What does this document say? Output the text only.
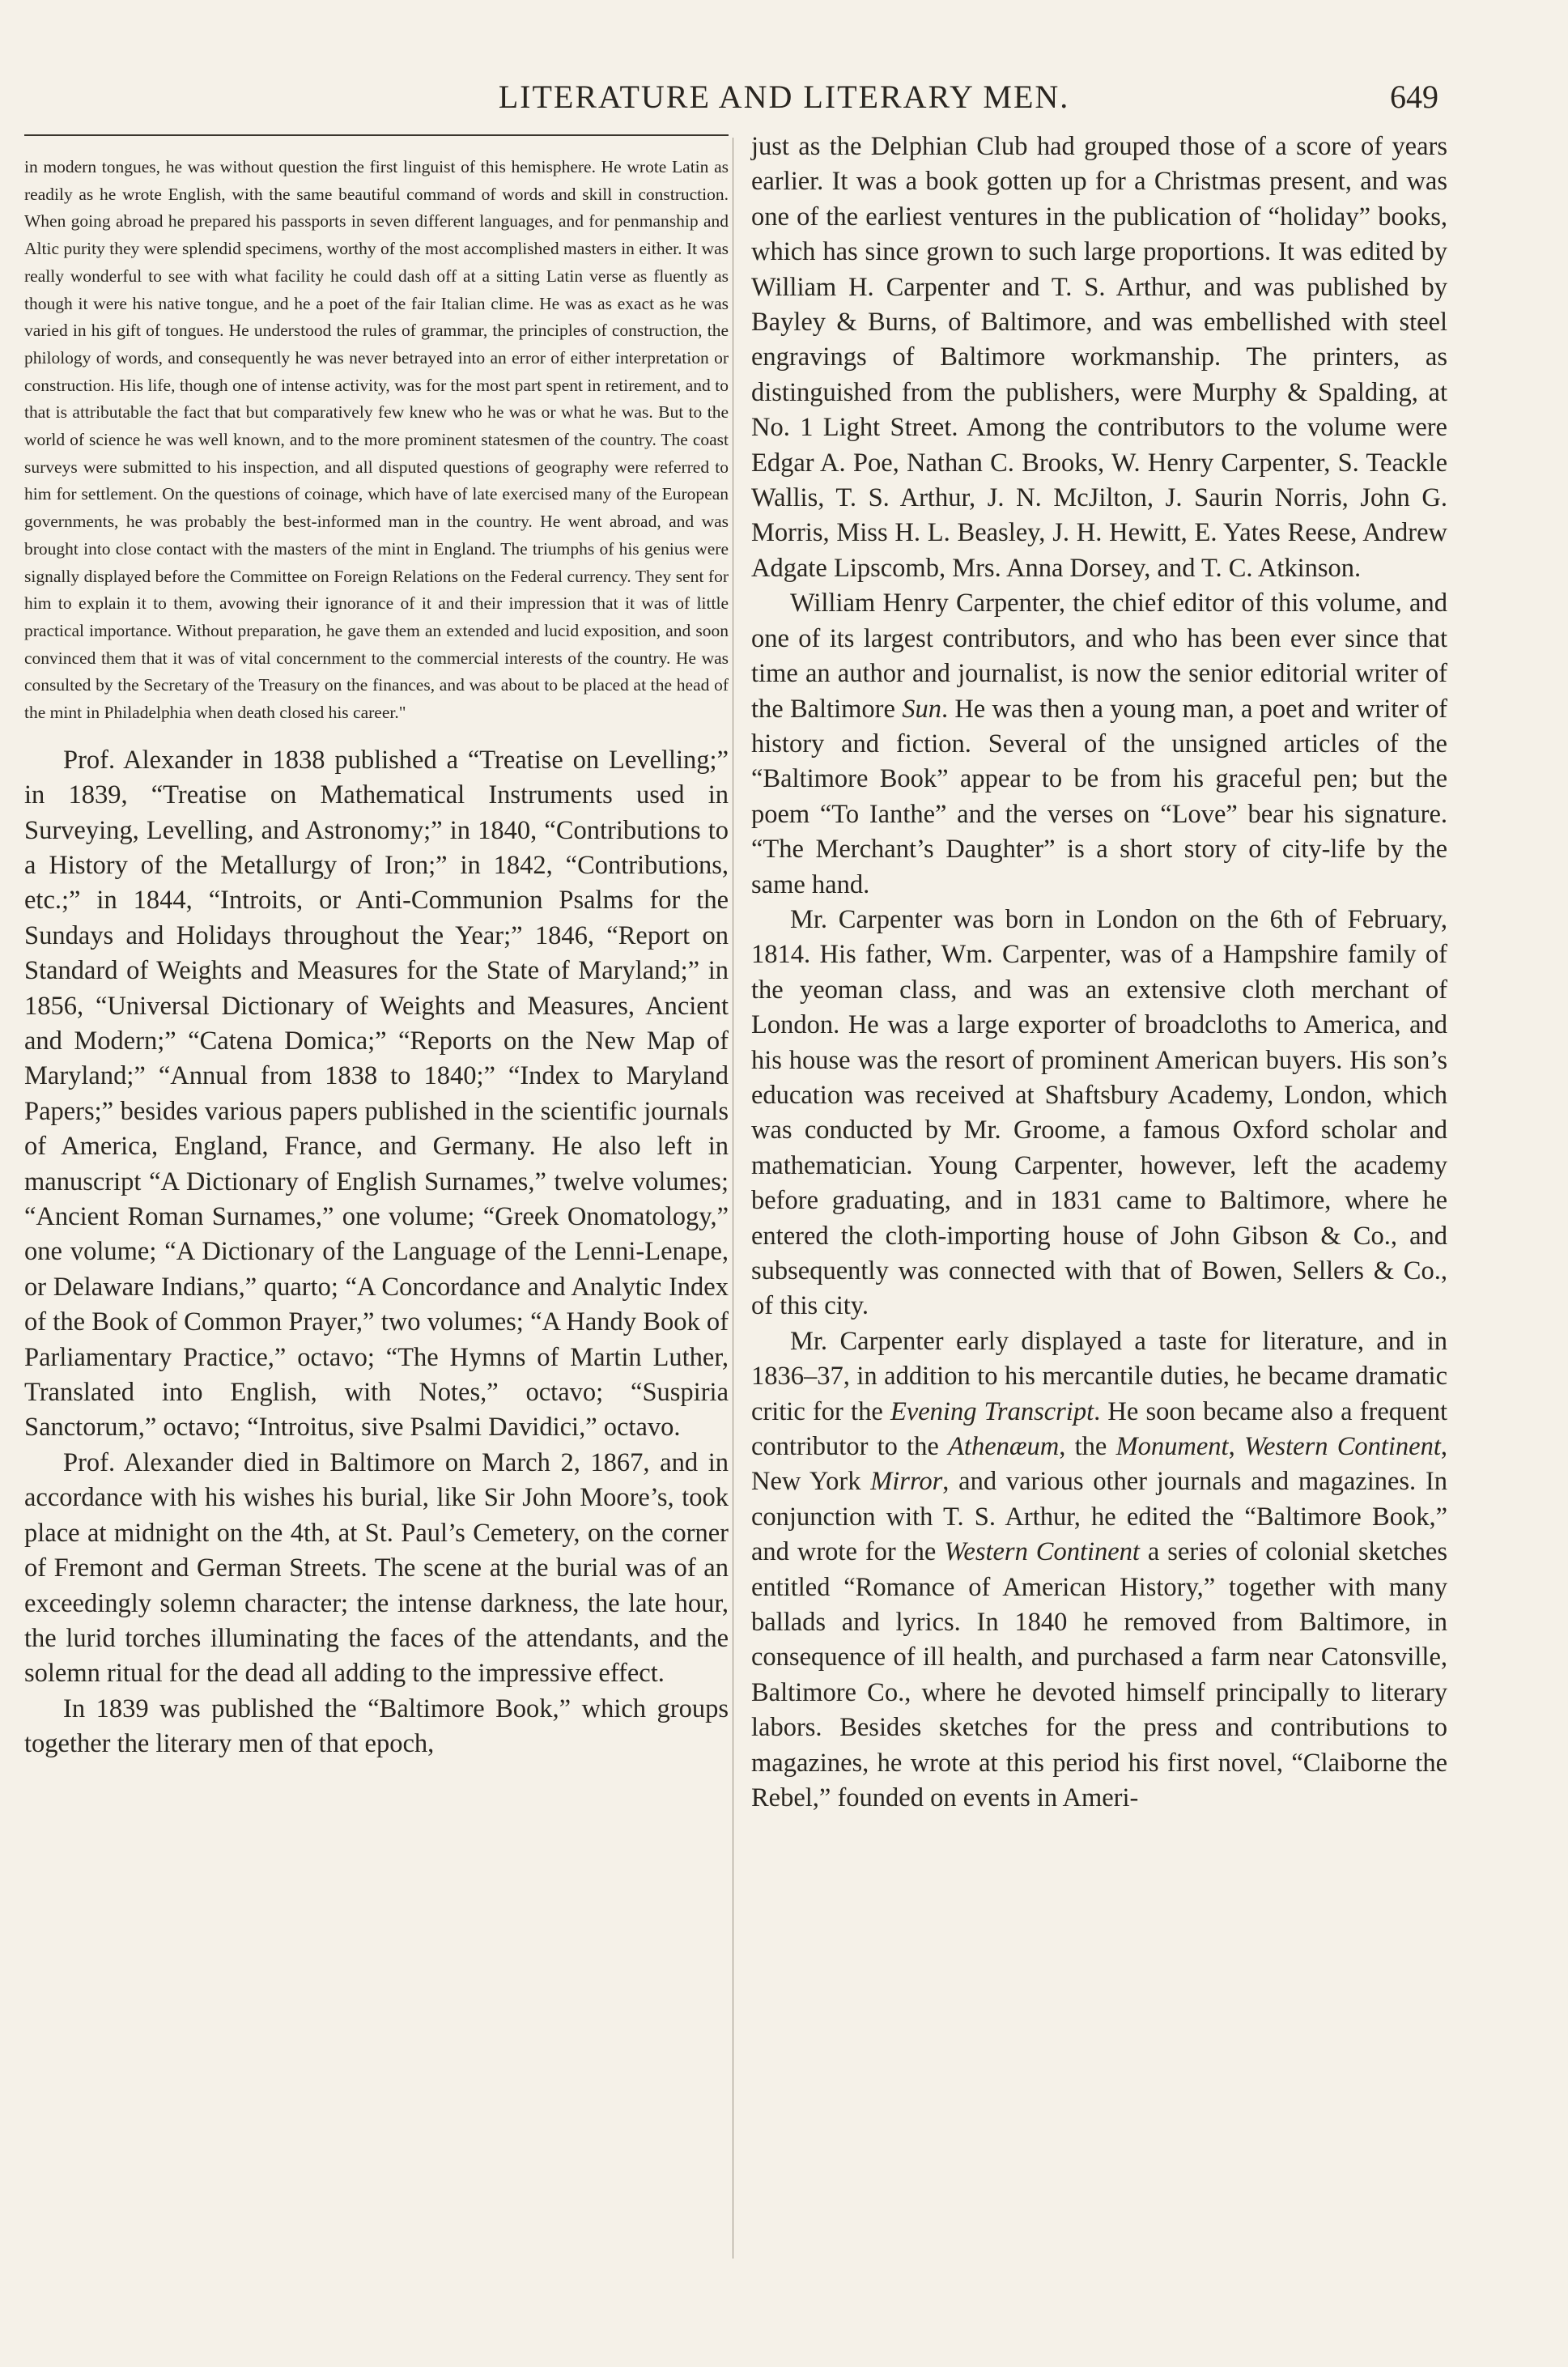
LITERATURE AND LITERARY MEN.	649

in modern tongues, he was without question the first linguist of this hemisphere. He wrote Latin as readily as he wrote English, with the same beautiful command of words and skill in construction. When going abroad he prepared his passports in seven different languages, and for penmanship and Altic purity they were splendid specimens, worthy of the most accomplished masters in either. It was really wonderful to see with what facility he could dash off at a sitting Latin verse as fluently as though it were his native tongue, and he a poet of the fair Italian clime. He was as exact as he was varied in his gift of tongues. He understood the rules of grammar, the principles of construction, the philology of words, and consequently he was never betrayed into an error of either interpretation or construction. His life, though one of intense activity, was for the most part spent in retirement, and to that is attributable the fact that but comparatively few knew who he was or what he was. But to the world of science he was well known, and to the more prominent statesmen of the country. The coast surveys were submitted to his inspection, and all disputed questions of geography were referred to him for settlement. On the questions of coinage, which have of late exercised many of the European governments, he was probably the best-informed man in the country. He went abroad, and was brought into close contact with the masters of the mint in England. The triumphs of his genius were signally displayed before the Committee on Foreign Relations on the Federal currency. They sent for him to explain it to them, avowing their ignorance of it and their impression that it was of little practical importance. Without preparation, he gave them an extended and lucid exposition, and soon convinced them that it was of vital concernment to the commercial interests of the country. He was consulted by the Secretary of the Treasury on the finances, and was about to be placed at the head of the mint in Philadelphia when death closed his career."

Prof. Alexander in 1838 published a “Treatise on Levelling;” in 1839, “Treatise on Mathematical Instruments used in Surveying, Levelling, and Astronomy;” in 1840, “Contributions to a History of the Metallurgy of Iron;” in 1842, “Contributions, etc.;” in 1844, “Introits, or Anti-Communion Psalms for the Sundays and Holidays throughout the Year;” 1846, “Report on Standard of Weights and Measures for the State of Maryland;” in 1856, “Universal Dictionary of Weights and Measures, Ancient and Modern;” “Catena Domica;” “Reports on the New Map of Maryland;” “Annual from 1838 to 1840;” “Index to Maryland Papers;” besides various papers published in the scientific journals of America, England, France, and Germany. He also left in manuscript “A Dictionary of English Surnames,” twelve volumes; “Ancient Roman Surnames,” one volume; “Greek Onomatology,” one volume; “A Dictionary of the Language of the Lenni-Lenape, or Delaware Indians,” quarto; “A Concordance and Analytic Index of the Book of Common Prayer,” two volumes; “A Handy Book of Parliamentary Practice,” octavo; “The Hymns of Martin Luther, Translated into English, with Notes,” octavo; “Suspiria Sanctorum,” octavo; “Introitus, sive Psalmi Davidici,” octavo.

Prof. Alexander died in Baltimore on March 2, 1867, and in accordance with his wishes his burial, like Sir John Moore’s, took place at midnight on the 4th, at St. Paul’s Cemetery, on the corner of Fremont and German Streets. The scene at the burial was of an exceedingly solemn character; the intense darkness, the late hour, the lurid torches illuminating the faces of the attendants, and the solemn ritual for the dead all adding to the impressive effect.

In 1839 was published the “Baltimore Book,” which groups together the literary men of that epoch,

just as the Delphian Club had grouped those of a score of years earlier. It was a book gotten up for a Christmas present, and was one of the earliest ventures in the publication of “holiday” books, which has since grown to such large proportions. It was edited by William H. Carpenter and T. S. Arthur, and was published by Bayley & Burns, of Baltimore, and was embellished with steel engravings of Baltimore workmanship. The printers, as distinguished from the publishers, were Murphy & Spalding, at No. 1 Light Street. Among the contributors to the volume were Edgar A. Poe, Nathan C. Brooks, W. Henry Carpenter, S. Teackle Wallis, T. S. Arthur, J. N. McJilton, J. Saurin Norris, John G. Morris, Miss H. L. Beasley, J. H. Hewitt, E. Yates Reese, Andrew Adgate Lipscomb, Mrs. Anna Dorsey, and T. C. Atkinson.

William Henry Carpenter, the chief editor of this volume, and one of its largest contributors, and who has been ever since that time an author and journalist, is now the senior editorial writer of the Baltimore Sun. He was then a young man, a poet and writer of history and fiction. Several of the unsigned articles of the “Baltimore Book” appear to be from his graceful pen; but the poem “To Ianthe” and the verses on “Love” bear his signature. “The Merchant’s Daughter” is a short story of city-life by the same hand.

Mr. Carpenter was born in London on the 6th of February, 1814. His father, Wm. Carpenter, was of a Hampshire family of the yeoman class, and was an extensive cloth merchant of London. He was a large exporter of broadcloths to America, and his house was the resort of prominent American buyers. His son’s education was received at Shaftsbury Academy, London, which was conducted by Mr. Groome, a famous Oxford scholar and mathematician. Young Carpenter, however, left the academy before graduating, and in 1831 came to Baltimore, where he entered the cloth-importing house of John Gibson & Co., and subsequently was connected with that of Bowen, Sellers & Co., of this city.

Mr. Carpenter early displayed a taste for literature, and in 1836–37, in addition to his mercantile duties, he became dramatic critic for the Evening Transcript. He soon became also a frequent contributor to the Athenæum, the Monument, Western Continent, New York Mirror, and various other journals and magazines. In conjunction with T. S. Arthur, he edited the “Baltimore Book,” and wrote for the Western Continent a series of colonial sketches entitled “Romance of American History,” together with many ballads and lyrics. In 1840 he removed from Baltimore, in consequence of ill health, and purchased a farm near Catonsville, Baltimore Co., where he devoted himself principally to literary labors. Besides sketches for the press and contributions to magazines, he wrote at this period his first novel, “Claiborne the Rebel,” founded on events in Ameri-
